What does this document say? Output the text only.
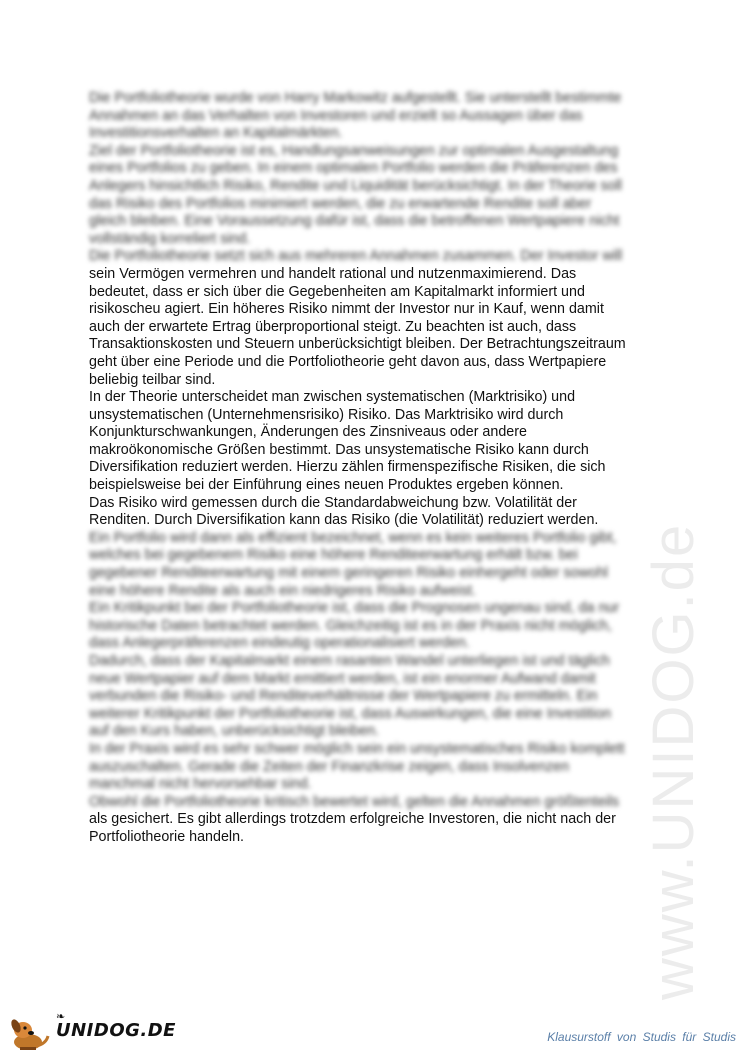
www.UNIDOG.de
Die Portfoliotheorie wurde von Harry Markowitz aufgestellt. Sie unterstellt bestimmte
Annahmen an das Verhalten von Investoren und erzielt so Aussagen über das
Investitionsverhalten an Kapitalmärkten.
Ziel der Portfoliotheorie ist es, Handlungsanweisungen zur optimalen Ausgestaltung
eines Portfolios zu geben. In einem optimalen Portfolio werden die Präferenzen des
Anlegers hinsichtlich Risiko, Rendite und Liquidität berücksichtigt. In der Theorie soll
das Risiko des Portfolios minimiert werden, die zu erwartende Rendite soll aber
gleich bleiben. Eine Voraussetzung dafür ist, dass die betroffenen Wertpapiere nicht
vollständig korreliert sind.
Die Portfoliotheorie setzt sich aus mehreren Annahmen zusammen. Der Investor will
sein Vermögen vermehren und handelt rational und nutzenmaximierend. Das
bedeutet, dass er sich über die Gegebenheiten am Kapitalmarkt informiert und
risikoscheu agiert. Ein höheres Risiko nimmt der Investor nur in Kauf, wenn damit
auch der erwartete Ertrag überproportional steigt. Zu beachten ist auch, dass
Transaktionskosten und Steuern unberücksichtigt bleiben. Der Betrachtungszeitraum
geht über eine Periode und die Portfoliotheorie geht davon aus, dass Wertpapiere
beliebig teilbar sind.
In der Theorie unterscheidet man zwischen systematischen (Marktrisiko) und
unsystematischen (Unternehmensrisiko) Risiko. Das Marktrisiko wird durch
Konjunkturschwankungen, Änderungen des Zinsniveaus oder andere
makroökonomische Größen bestimmt. Das unsystematische Risiko kann durch
Diversifikation reduziert werden. Hierzu zählen firmenspezifische Risiken, die sich
beispielsweise bei der Einführung eines neuen Produktes ergeben können.
Das Risiko wird gemessen durch die Standardabweichung bzw. Volatilität der
Renditen. Durch Diversifikation kann das Risiko (die Volatilität) reduziert werden.
Ein Portfolio wird dann als effizient bezeichnet, wenn es kein weiteres Portfolio gibt,
welches bei gegebenem Risiko eine höhere Renditeerwartung erhält bzw. bei
gegebener Renditeerwartung mit einem geringeren Risiko einhergeht oder sowohl
eine höhere Rendite als auch ein niedrigeres Risiko aufweist.
Ein Kritikpunkt bei der Portfoliotheorie ist, dass die Prognosen ungenau sind, da nur
historische Daten betrachtet werden. Gleichzeitig ist es in der Praxis nicht möglich,
dass Anlegerpräferenzen eindeutig operationalisiert werden.
Dadurch, dass der Kapitalmarkt einem rasanten Wandel unterliegen ist und täglich
neue Wertpapier auf dem Markt emittiert werden, ist ein enormer Aufwand damit
verbunden die Risiko- und Renditeverhältnisse der Wertpapiere zu ermitteln. Ein
weiterer Kritikpunkt der Portfoliotheorie ist, dass Auswirkungen, die eine Investition
auf den Kurs haben, unberücksichtigt bleiben.
In der Praxis wird es sehr schwer möglich sein ein unsystematisches Risiko komplett
auszuschalten. Gerade die Zeiten der Finanzkrise zeigen, dass Insolvenzen
manchmal nicht hervorsehbar sind.
Obwohl die Portfoliotheorie kritisch bewertet wird, gelten die Annahmen größtenteils
als gesichert. Es gibt allerdings trotzdem erfolgreiche Investoren, die nicht nach der
Portfoliotheorie handeln.
❧
UNIDOG.DE	Klausurstoff von Studis für Studis
